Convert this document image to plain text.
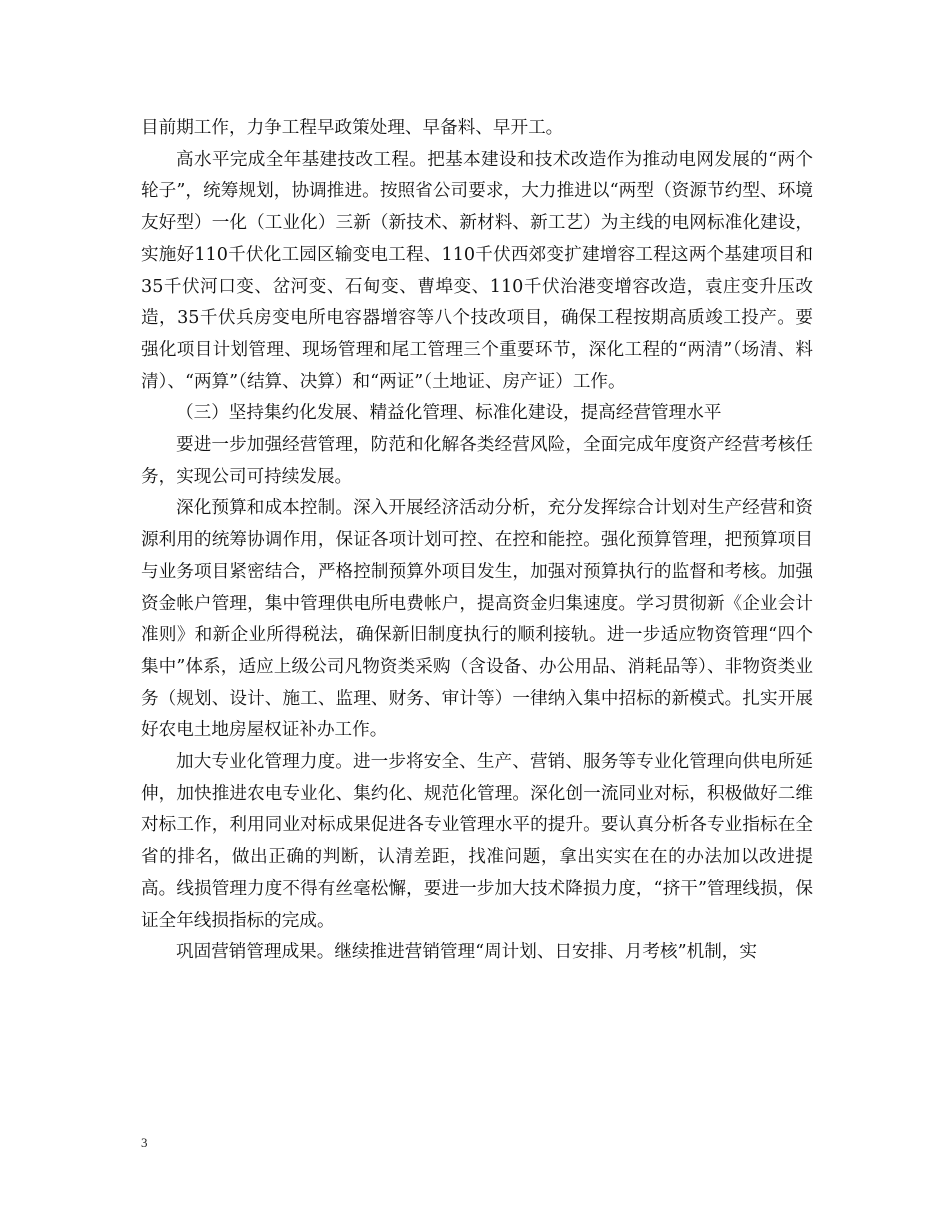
目前期工作，力争工程早政策处理、早备料、早开工。

高水平完成全年基建技改工程。把基本建设和技术改造作为推动电网发展的“两个轮子”，统筹规划，协调推进。按照省公司要求，大力推进以“两型（资源节约型、环境友好型）一化（工业化）三新（新技术、新材料、新工艺）为主线的电网标准化建设，实施好110千伏化工园区输变电工程、110千伏西郊变扩建增容工程这两个基建项目和35千伏河口变、岔河变、石甸变、曹埠变、110千伏治港变增容改造，袁庄变升压改造，35千伏兵房变电所电容器增容等八个技改项目，确保工程按期高质竣工投产。要强化项目计划管理、现场管理和尾工管理三个重要环节，深化工程的“两清”（场清、料清）、“两算”（结算、决算）和“两证”（土地证、房产证）工作。

（三）坚持集约化发展、精益化管理、标准化建设，提高经营管理水平

要进一步加强经营管理，防范和化解各类经营风险，全面完成年度资产经营考核任务，实现公司可持续发展。

深化预算和成本控制。深入开展经济活动分析，充分发挥综合计划对生产经营和资源利用的统筹协调作用，保证各项计划可控、在控和能控。强化预算管理，把预算项目与业务项目紧密结合，严格控制预算外项目发生，加强对预算执行的监督和考核。加强资金帐户管理，集中管理供电所电费帐户，提高资金归集速度。学习贯彻新《企业会计准则》和新企业所得税法，确保新旧制度执行的顺利接轨。进一步适应物资管理“四个集中”体系，适应上级公司凡物资类采购（含设备、办公用品、消耗品等）、非物资类业务（规划、设计、施工、监理、财务、审计等）一律纳入集中招标的新模式。扎实开展好农电土地房屋权证补办工作。

加大专业化管理力度。进一步将安全、生产、营销、服务等专业化管理向供电所延伸，加快推进农电专业化、集约化、规范化管理。深化创一流同业对标，积极做好二维对标工作，利用同业对标成果促进各专业管理水平的提升。要认真分析各专业指标在全省的排名，做出正确的判断，认清差距，找准问题，拿出实实在在的办法加以改进提高。线损管理力度不得有丝毫松懈，要进一步加大技术降损力度，“挤干”管理线损，保证全年线损指标的完成。

巩固营销管理成果。继续推进营销管理“周计划、日安排、月考核”机制，实

3
